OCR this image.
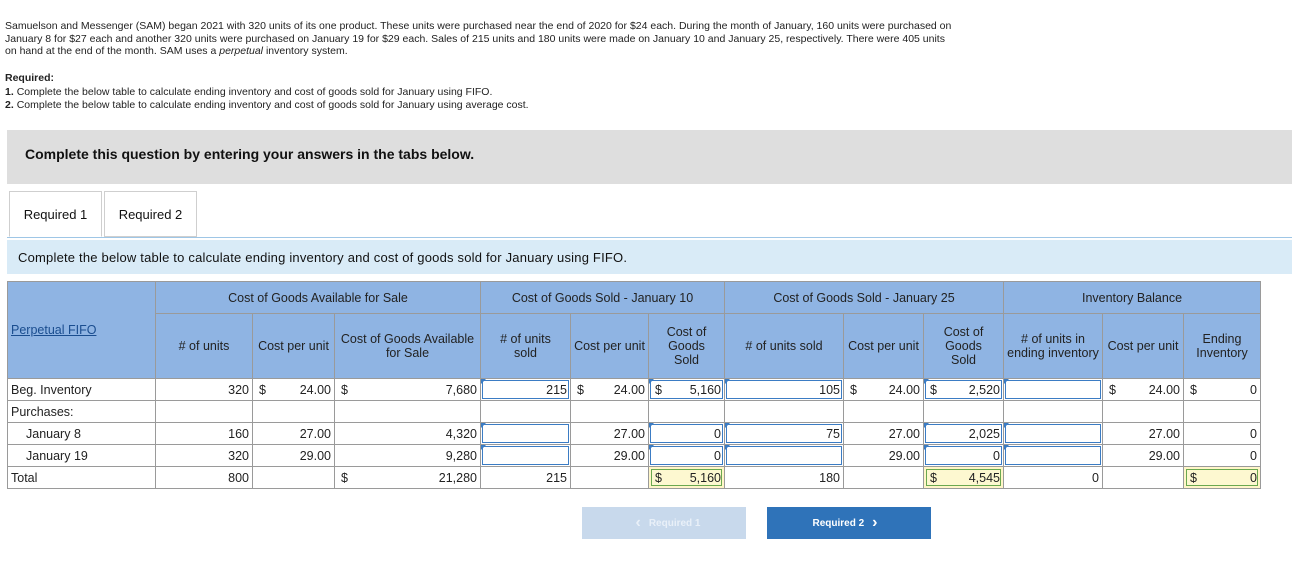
Samuelson and Messenger (SAM) began 2021 with 320 units of its one product. These units were purchased near the end of 2020 for $24 each. During the month of January, 160 units were purchased on January 8 for $27 each and another 320 units were purchased on January 19 for $29 each. Sales of 215 units and 180 units were made on January 10 and January 25, respectively. There were 405 units on hand at the end of the month. SAM uses a perpetual inventory system.
Required:
1. Complete the below table to calculate ending inventory and cost of goods sold for January using FIFO.
2. Complete the below table to calculate ending inventory and cost of goods sold for January using average cost.
Complete this question by entering your answers in the tabs below.
Required 1 Required 2
Complete the below table to calculate ending inventory and cost of goods sold for January using FIFO.
Perpetual FIFO	Cost of Goods Available for Sale			Cost of Goods Sold - January 10			Cost of Goods Sold - January 25			Inventory Balance		
	# of units	Cost per unit	Cost of Goods Available for Sale	# of units sold	Cost per unit	Cost of Goods Sold	# of units sold	Cost per unit	Cost of Goods Sold	# of units in ending inventory	Cost per unit	Ending Inventory
Beg. Inventory	320	$ 24.00	$ 7,680	215	$ 24.00	$ 5,160	105	$ 24.00	$ 2,520		$ 24.00	$ 0

Purchases:												
January 8	160	27.00	4,320		27.00	0	75	27.00	2,025		27.00	0

January 19	320	29.00	9,280		29.00	0		29.00	0		29.00	0

Total	800		$ 21,280	215		$ 5,160	180		$ 4,545	0		$ 0
‹ Required 1	Required 2 ›
